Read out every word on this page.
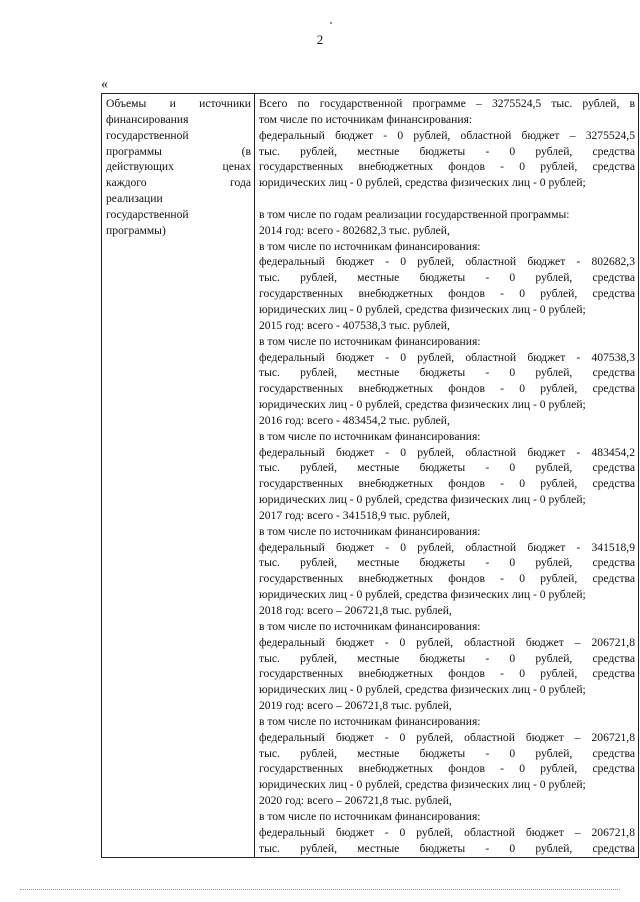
2
«
Объемы и источники
финансирования
государственной
программы	(в
действующих	ценах
каждого	года
реализации
государственной
программы)

Всего по государственной программе – 3275524,5 тыс. рублей, в
том числе по источникам финансирования:
федеральный бюджет - 0 рублей, областной бюджет – 3275524,5
тыс. рублей, местные бюджеты - 0 рублей, средства
государственных внебюджетных фондов - 0 рублей, средства
юридических лиц - 0 рублей, средства физических лиц - 0 рублей;
в том числе по годам реализации государственной программы:
2014 год: всего - 802682,3 тыс. рублей,
в том числе по источникам финансирования:
федеральный бюджет - 0 рублей, областной бюджет - 802682,3
тыс. рублей, местные бюджеты - 0 рублей, средства
государственных внебюджетных фондов - 0 рублей, средства
юридических лиц - 0 рублей, средства физических лиц - 0 рублей;
2015 год: всего - 407538,3 тыс. рублей,
в том числе по источникам финансирования:
федеральный бюджет - 0 рублей, областной бюджет - 407538,3
тыс. рублей, местные бюджеты - 0 рублей, средства
государственных внебюджетных фондов - 0 рублей, средства
юридических лиц - 0 рублей, средства физических лиц - 0 рублей;
2016 год: всего - 483454,2 тыс. рублей,
в том числе по источникам финансирования:
федеральный бюджет - 0 рублей, областной бюджет - 483454,2
тыс. рублей, местные бюджеты - 0 рублей, средства
государственных внебюджетных фондов - 0 рублей, средства
юридических лиц - 0 рублей, средства физических лиц - 0 рублей;
2017 год: всего - 341518,9 тыс. рублей,
в том числе по источникам финансирования:
федеральный бюджет - 0 рублей, областной бюджет - 341518,9
тыс. рублей, местные бюджеты - 0 рублей, средства
государственных внебюджетных фондов - 0 рублей, средства
юридических лиц - 0 рублей, средства физических лиц - 0 рублей;
2018 год: всего – 206721,8 тыс. рублей,
в том числе по источникам финансирования:
федеральный бюджет - 0 рублей, областной бюджет – 206721,8
тыс. рублей, местные бюджеты - 0 рублей, средства
государственных внебюджетных фондов - 0 рублей, средства
юридических лиц - 0 рублей, средства физических лиц - 0 рублей;
2019 год: всего – 206721,8 тыс. рублей,
в том числе по источникам финансирования:
федеральный бюджет - 0 рублей, областной бюджет – 206721,8
тыс. рублей, местные бюджеты - 0 рублей, средства
государственных внебюджетных фондов - 0 рублей, средства
юридических лиц - 0 рублей, средства физических лиц - 0 рублей;
2020 год: всего – 206721,8 тыс. рублей,
в том числе по источникам финансирования:
федеральный бюджет - 0 рублей, областной бюджет – 206721,8
тыс. рублей, местные бюджеты - 0 рублей, средства
